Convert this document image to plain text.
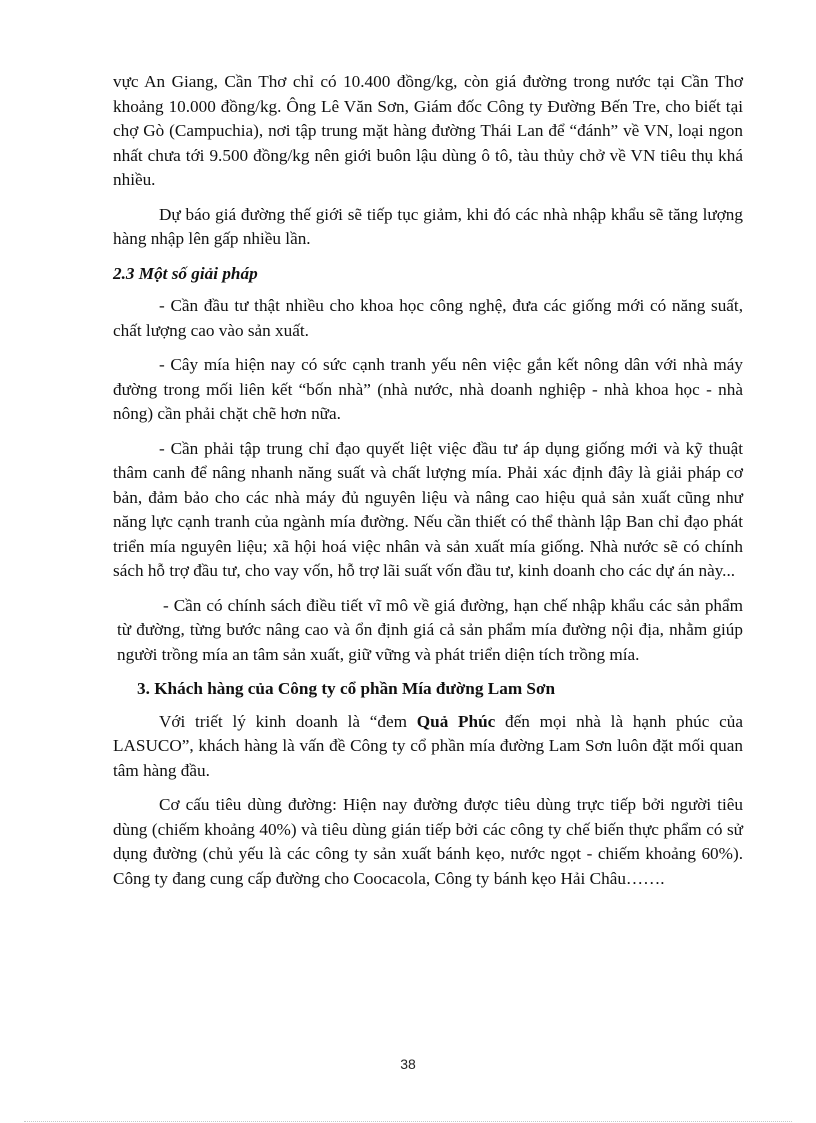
vực An Giang, Cần Thơ chỉ có 10.400 đồng/kg, còn giá đường trong nước tại Cần Thơ khoảng 10.000 đồng/kg. Ông Lê Văn Sơn, Giám đốc Công ty Đường Bến Tre, cho biết tại chợ Gò (Campuchia), nơi tập trung mặt hàng đường Thái Lan để “đánh” về VN, loại ngon nhất chưa tới 9.500 đồng/kg nên giới buôn lậu dùng ô tô, tàu thủy chở về VN tiêu thụ khá nhiều.

Dự báo giá đường thế giới sẽ tiếp tục giảm, khi đó các nhà nhập khẩu sẽ tăng lượng hàng nhập lên gấp nhiều lần.

2.3 Một số giải pháp

- Cần đầu tư thật nhiều cho khoa học công nghệ, đưa các giống mới có năng suất, chất lượng cao vào sản xuất.

- Cây mía hiện nay có sức cạnh tranh yếu nên việc gắn kết nông dân với nhà máy đường trong mối liên kết “bốn nhà” (nhà nước, nhà doanh nghiệp - nhà khoa học - nhà nông) cần phải chặt chẽ hơn nữa.

- Cần phải tập trung chỉ đạo quyết liệt việc đầu tư áp dụng giống mới và kỹ thuật thâm canh để nâng nhanh năng suất và chất lượng mía. Phải xác định đây là giải pháp cơ bản, đảm bảo cho các nhà máy đủ nguyên liệu và nâng cao hiệu quả sản xuất cũng như năng lực cạnh tranh của ngành mía đường. Nếu cần thiết có thể thành lập Ban chỉ đạo phát triển mía nguyên liệu; xã hội hoá việc nhân và sản xuất mía giống. Nhà nước sẽ có chính sách hỗ trợ đầu tư, cho vay vốn, hỗ trợ lãi suất vốn đầu tư, kinh doanh cho các dự án này...

- Cần có chính sách điều tiết vĩ mô về giá đường, hạn chế nhập khẩu các sản phẩm từ đường, từng bước nâng cao và ổn định giá cả sản phẩm mía đường nội địa, nhằm giúp người trồng mía an tâm sản xuất, giữ vững và phát triển diện tích trồng mía.

3. Khách hàng của Công ty cổ phần Mía đường Lam Sơn

Với triết lý kinh doanh là “đem Quả Phúc đến mọi nhà là hạnh phúc của LASUCO”, khách hàng là vấn đề Công ty cổ phần mía đường Lam Sơn luôn đặt mối quan tâm hàng đầu.

Cơ cấu tiêu dùng đường: Hiện nay đường được tiêu dùng trực tiếp bởi người tiêu dùng (chiếm khoảng 40%) và tiêu dùng gián tiếp bởi các công ty chế biến thực phẩm có sử dụng đường (chủ yếu là các công ty sản xuất bánh kẹo, nước ngọt - chiếm khoảng 60%). Công ty đang cung cấp đường cho Coocacola, Công ty bánh kẹo Hải Châu…….

38
